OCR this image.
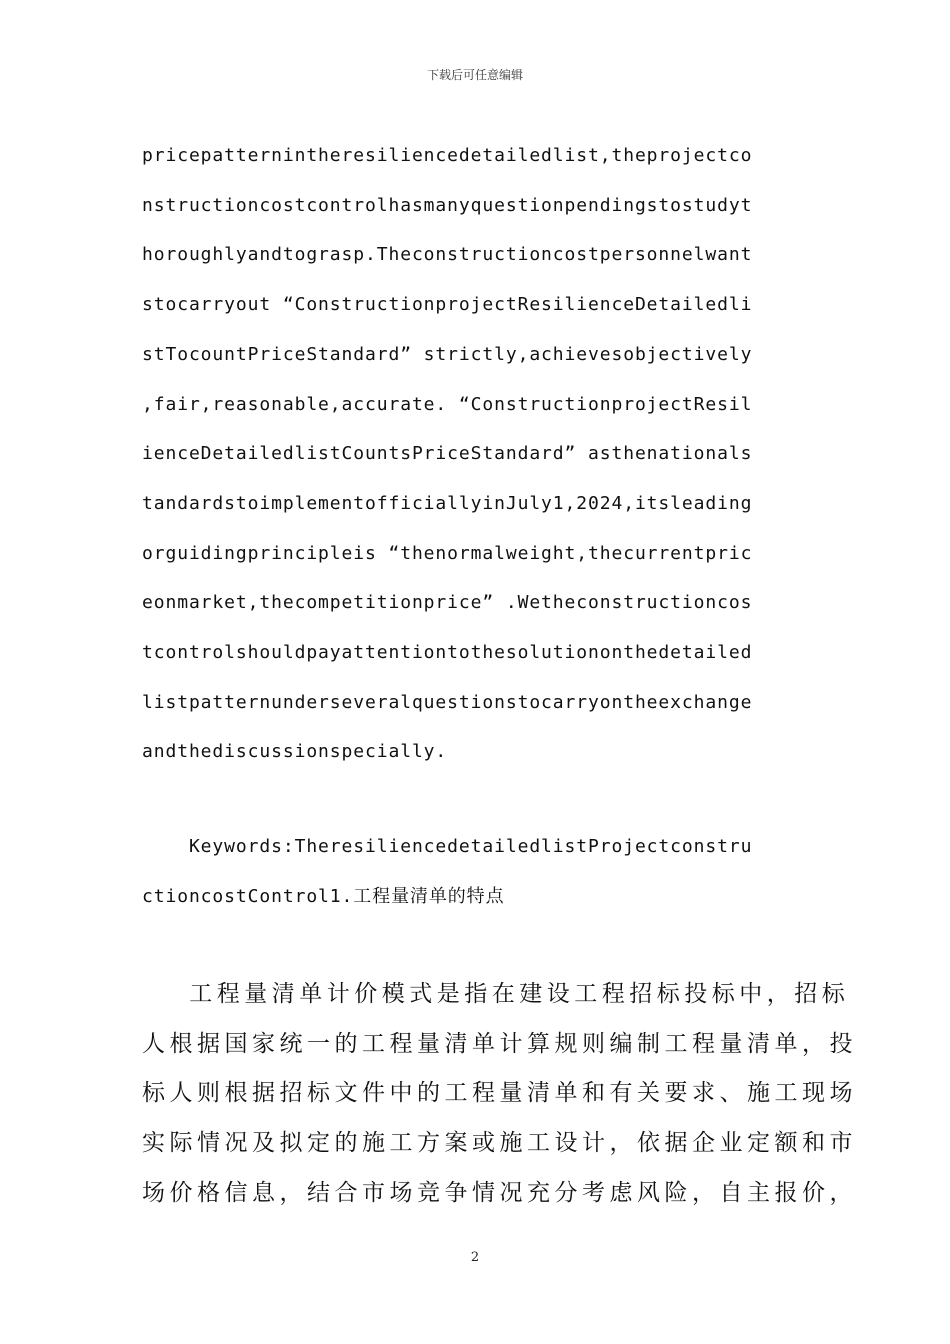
下载后可任意编辑
pricepatternintheresiliencedetailedlist,theprojectco
nstructioncostcontrolhasmanyquestionpendingstostudyt
horoughlyandtograsp.Theconstructioncostpersonnelwant
stocarryout “ConstructionprojectResilienceDetailedli
stTocountPriceStandard” strictly,achievesobjectively
,fair,reasonable,accurate. “ConstructionprojectResil
ienceDetailedlistCountsPriceStandard” asthenationals
tandardstoimplementofficiallyinJuly1,2024,itsleading
orguidingprincipleis “thenormalweight,thecurrentpric
eonmarket,thecompetitionprice” .Wetheconstructioncos
tcontrolshouldpayattentiontothesolutiononthedetailed
listpatternunderseveralquestionstocarryontheexchange
andthediscussionspecially.
Keywords:TheresiliencedetailedlistProjectconstru
ctioncostControl1.工程量清单的特点
工程量清单计价模式是指在建设工程招标投标中，招标
人根据国家统一的工程量清单计算规则编制工程量清单，投
标人则根据招标文件中的工程量清单和有关要求、施工现场
实际情况及拟定的施工方案或施工设计，依据企业定额和市
场价格信息，结合市场竞争情况充分考虑风险，自主报价，
2
